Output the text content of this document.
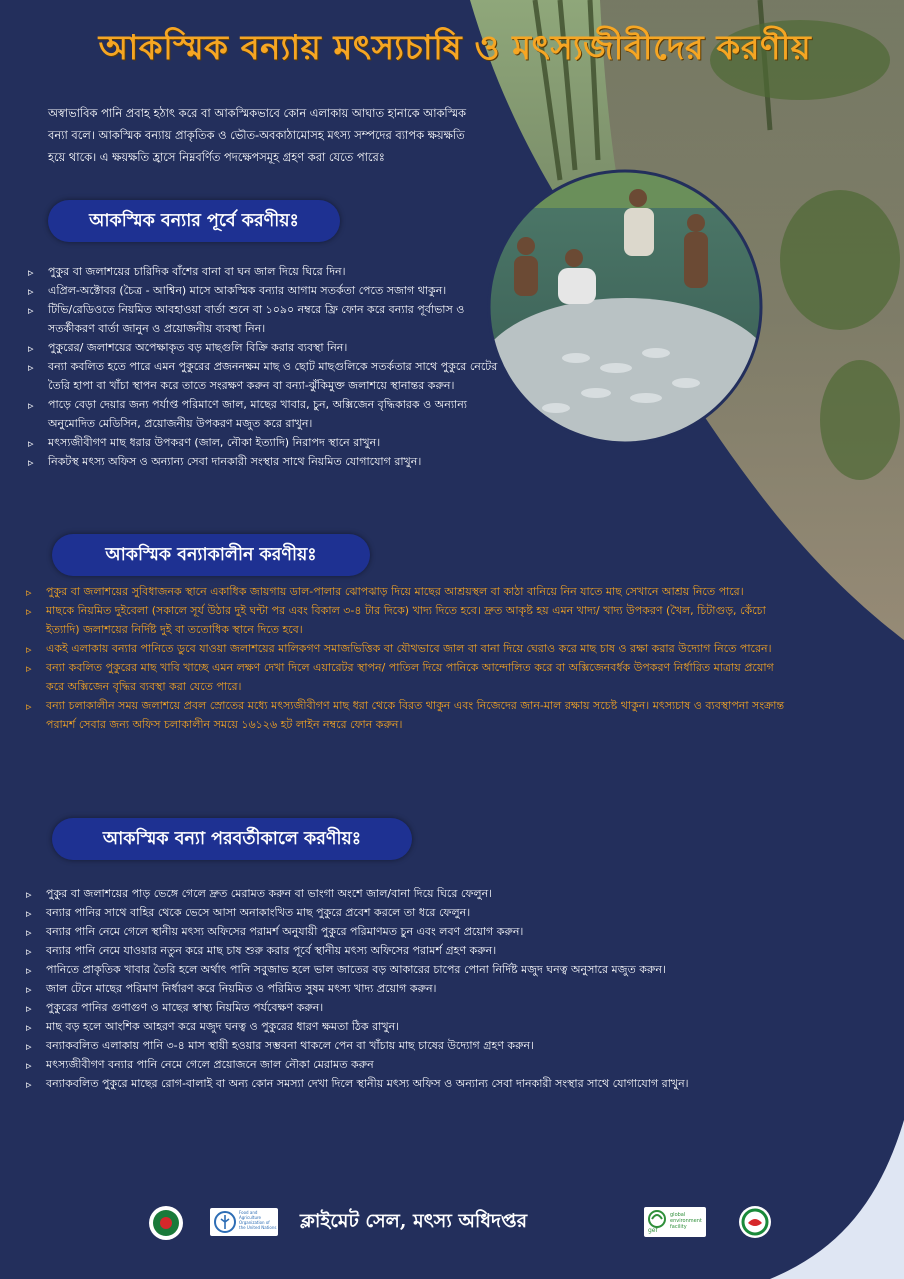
আকস্মিক বন্যায় মৎস্যচাষি ও মৎস্যজীবীদের করণীয়
অস্বাভাবিক পানি প্রবাহ হঠাৎ করে বা আকস্মিকভাবে কোন এলাকায় আঘাত হানাকে আকস্মিক বন্যা বলে। আকস্মিক বন্যায় প্রাকৃতিক ও ভৌত-অবকাঠামোসহ মৎস্য সম্পদের ব্যাপক ক্ষয়ক্ষতি হয়ে থাকে। এ ক্ষয়ক্ষতি হ্রাসে নিম্নবর্ণিত পদক্ষেপসমূহ গ্রহণ করা যেতে পারেঃ
আকস্মিক বন্যার পূর্বে করণীয়ঃ
▹ পুকুর বা জলাশয়ের চারিদিক বাঁশের বানা বা ঘন জাল দিয়ে ঘিরে দিন।
▹ এপ্রিল-অক্টোবর (চৈত্র - আশ্বিন) মাসে আকস্মিক বন্যার আগাম সতর্কতা পেতে সজাগ থাকুন।
▹ টিভি/রেডিওতে নিয়মিত আবহাওয়া বার্তা শুনে বা ১০৯০ নম্বরে ফ্রি ফোন করে বন্যার পূর্বাভাস ও সতর্কীকরণ বার্তা জানুন ও প্রয়োজনীয় ব্যবস্থা নিন।
▹ পুকুরের/ জলাশয়ের অপেক্ষাকৃত বড় মাছগুলি বিক্রি করার ব্যবস্থা নিন।
▹ বন্যা কবলিত হতে পারে এমন পুকুরের প্রজননক্ষম মাছ ও ছোট মাছগুলিকে সতর্কতার সাথে পুকুরে নেটের তৈরি হাপা বা খাঁচা স্থাপন করে তাতে সংরক্ষণ করুন বা বন্যা-ঝুঁকিমুক্ত জলাশয়ে স্থানান্তর করুন।
▹ পাড়ে বেড়া দেয়ার জন্য পর্যাপ্ত পরিমাণে জাল, মাছের খাবার, চুন, অক্সিজেন বৃদ্ধিকারক ও অন্যান্য অনুমোদিত মেডিসিন, প্রয়োজনীয় উপকরণ মজুত করে রাখুন।
▹ মৎস্যজীবীগণ মাছ ধরার উপকরণ (জাল, নৌকা ইত্যাদি) নিরাপদ স্থানে রাখুন।
▹ নিকটস্থ মৎস্য অফিস ও অন্যান্য সেবা দানকারী সংস্থার সাথে নিয়মিত যোগাযোগ রাখুন।
আকস্মিক বন্যাকালীন করণীয়ঃ
▹ পুকুর বা জলাশয়ের সুবিধাজনক স্থানে একাধিক জায়গায় ডাল-পালার ঝোপঝাড় দিয়ে মাছের আশ্রয়স্থল বা কাঠা বানিয়ে নিন যাতে মাছ সেখানে আশ্রয় নিতে পারে।
▹ মাছকে নিয়মিত দুইবেলা (সকালে সূর্য উঠার দুই ঘন্টা পর এবং বিকাল ৩-৪ টার দিকে) খাদ্য দিতে হবে। দ্রুত আকৃষ্ট হয় এমন খাদ্য/ খাদ্য উপকরণ (খৈল, চিটাগুড়, কেঁচো ইত্যাদি) জলাশয়ের নির্দিষ্ট দুই বা ততোধিক স্থানে দিতে হবে।
▹ একই এলাকায় বন্যার পানিতে ডুবে যাওয়া জলাশয়ের মালিকগণ সমাজভিত্তিক বা যৌথভাবে জাল বা বানা দিয়ে ঘেরাও করে মাছ চাষ ও রক্ষা করার উদ্যোগ নিতে পারেন।
▹ বন্যা কবলিত পুকুরের মাছ খাবি খাচ্ছে এমন লক্ষণ দেখা দিলে এয়ারেটর স্থাপন/ পাতিল দিয়ে পানিকে আন্দোলিত করে বা অক্সিজেনবর্ধক উপকরণ নির্ধারিত মাত্রায় প্রয়োগ করে অক্সিজেন বৃদ্ধির ব্যবস্থা করা যেতে পারে।
▹ বন্যা চলাকালীন সময় জলাশয়ে প্রবল স্রোতের মধ্যে মৎস্যজীবীগণ মাছ ধরা থেকে বিরত থাকুন এবং নিজেদের জান-মাল রক্ষায় সচেষ্ট থাকুন। মৎস্যচাষ ও ব্যবস্থাপনা সংক্রান্ত পরামর্শ সেবার জন্য অফিস চলাকালীন সময়ে ১৬১২৬ হট লাইন নম্বরে ফোন করুন।
আকস্মিক বন্যা পরবর্তীকালে করণীয়ঃ
▹ পুকুর বা জলাশয়ের পাড় ভেঙ্গে গেলে দ্রুত মেরামত করুন বা ভাংগা অংশে জাল/বানা দিয়ে ঘিরে ফেলুন।
▹ বন্যার পানির সাথে বাহির থেকে ভেসে আসা অনাকাংখিত মাছ পুকুরে প্রবেশ করলে তা ধরে ফেলুন।
▹ বন্যার পানি নেমে গেলে স্থানীয় মৎস্য অফিসের পরামর্শ অনুযায়ী পুকুরে পরিমাণমত চুন এবং লবণ প্রয়োগ করুন।
▹ বন্যার পানি নেমে যাওয়ার নতুন করে মাছ চাষ শুরু করার পূর্বে স্থানীয় মৎস্য অফিসের পরামর্শ গ্রহণ করুন।
▹ পানিতে প্রাকৃতিক খাবার তৈরি হলে অর্থাৎ পানি সবুজাভ হলে ভাল জাতের বড় আকারের চাপের পোনা নির্দিষ্ট মজুদ ঘনত্ব অনুসারে মজুত করুন।
▹ জাল টেনে মাছের পরিমাণ নির্ধারণ করে নিয়মিত ও পরিমিত সুষম মৎস্য খাদ্য প্রয়োগ করুন।
▹ পুকুরের পানির গুণাগুণ ও মাছের স্বাস্থ্য নিয়মিত পর্যবেক্ষণ করুন।
▹ মাছ বড় হলে আংশিক আহরণ করে মজুদ ঘনত্ব ও পুকুরের ধারণ ক্ষমতা ঠিক রাখুন।
▹ বন্যাকবলিত এলাকায় পানি ৩-৪ মাস স্থায়ী হওয়ার সম্ভবনা থাকলে পেন বা খাঁচায় মাছ চাষের উদ্যোগ গ্রহণ করুন।
▹ মৎস্যজীবীগণ বন্যার পানি নেমে গেলে প্রয়োজনে জাল নৌকা মেরামত করুন
▹ বন্যাকবলিত পুকুরে মাছের রোগ-বালাই বা অন্য কোন সমস্যা দেখা দিলে স্থানীয় মৎস্য অফিস ও অন্যান্য সেবা দানকারী সংস্থার সাথে যোগাযোগ রাখুন।
Food and Agriculture Organization of the United Nations ক্লাইমেট সেল, মৎস্য অধিদপ্তর	gef
global environment facility
